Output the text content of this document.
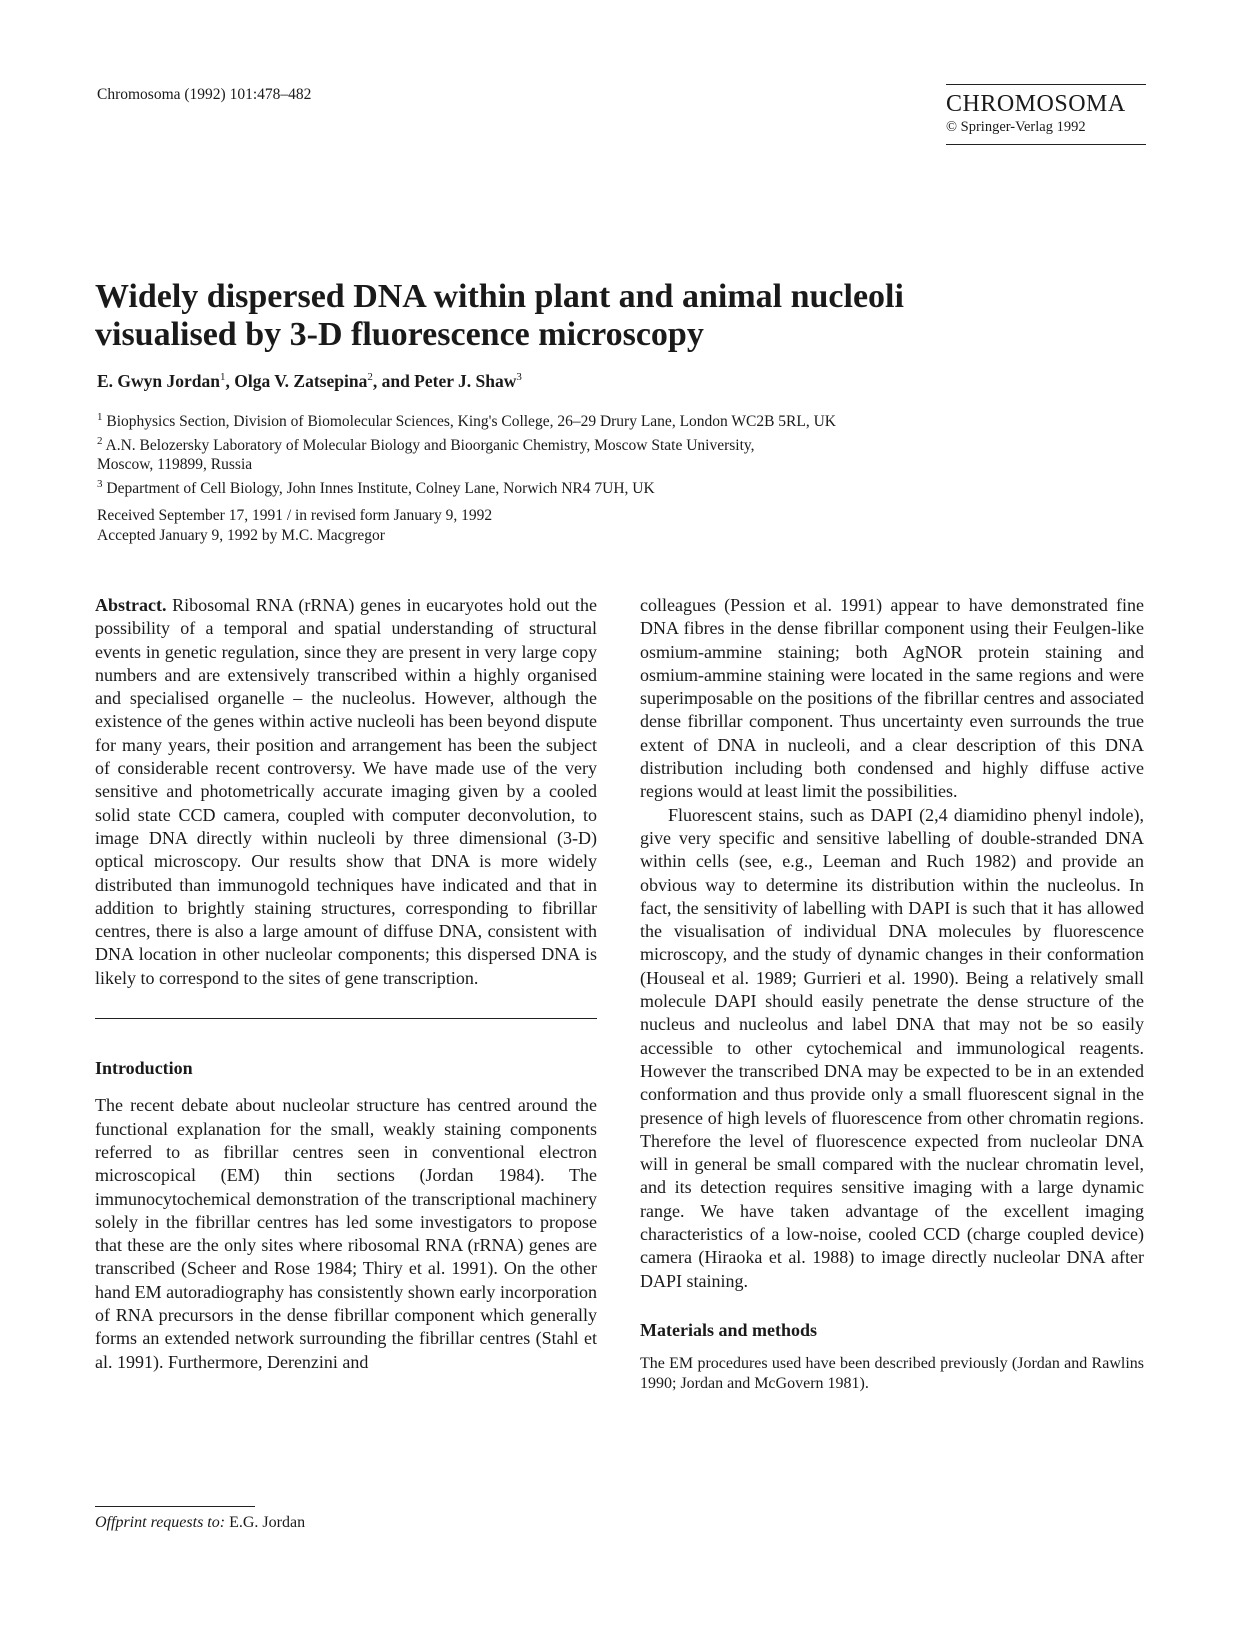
Chromosoma (1992) 101:478–482	CHROMOSOMA
© Springer-Verlag 1992
Widely dispersed DNA within plant and animal nucleoli
visualised by 3-D fluorescence microscopy
E. Gwyn Jordan$^1$, Olga V. Zatsepina$^2$, and Peter J. Shaw$^3$
$^1$ Biophysics Section, Division of Biomolecular Sciences, King's College, 26–29 Drury Lane, London WC2B 5RL, UK
$^2$ A.N. Belozersky Laboratory of Molecular Biology and Bioorganic Chemistry, Moscow State University,
Moscow, 119899, Russia
$^3$ Department of Cell Biology, John Innes Institute, Colney Lane, Norwich NR4 7UH, UK
Received September 17, 1991 / in revised form January 9, 1992
Accepted January 9, 1992 by M.C. Macgregor

Abstract. Ribosomal RNA (rRNA) genes in eucaryotes hold out the possibility of a temporal and spatial understanding of structural events in genetic regulation, since they are present in very large copy numbers and are extensively transcribed within a highly organised and specialised organelle – the nucleolus. However, although the existence of the genes within active nucleoli has been beyond dispute for many years, their position and arrangement has been the subject of considerable recent controversy. We have made use of the very sensitive and photometrically accurate imaging given by a cooled solid state CCD camera, coupled with computer deconvolution, to image DNA directly within nucleoli by three dimensional (3-D) optical microscopy. Our results show that DNA is more widely distributed than immunogold techniques have indicated and that in addition to brightly staining structures, corresponding to fibrillar centres, there is also a large amount of diffuse DNA, consistent with DNA location in other nucleolar components; this dispersed DNA is likely to correspond to the sites of gene transcription.

Introduction

The recent debate about nucleolar structure has centred around the functional explanation for the small, weakly staining components referred to as fibrillar centres seen in conventional electron microscopical (EM) thin sections (Jordan 1984). The immunocytochemical demonstration of the transcriptional machinery solely in the fibrillar centres has led some investigators to propose that these are the only sites where ribosomal RNA (rRNA) genes are transcribed (Scheer and Rose 1984; Thiry et al. 1991). On the other hand EM autoradiography has consistently shown early incorporation of RNA precursors in the dense fibrillar component which generally forms an extended network surrounding the fibrillar centres (Stahl et al. 1991). Furthermore, Derenzini and

colleagues (Pession et al. 1991) appear to have demonstrated fine DNA fibres in the dense fibrillar component using their Feulgen-like osmium-ammine staining; both AgNOR protein staining and osmium-ammine staining were located in the same regions and were superimposable on the positions of the fibrillar centres and associated dense fibrillar component. Thus uncertainty even surrounds the true extent of DNA in nucleoli, and a clear description of this DNA distribution including both condensed and highly diffuse active regions would at least limit the possibilities.

Fluorescent stains, such as DAPI (2,4 diamidino phenyl indole), give very specific and sensitive labelling of double-stranded DNA within cells (see, e.g., Leeman and Ruch 1982) and provide an obvious way to determine its distribution within the nucleolus. In fact, the sensitivity of labelling with DAPI is such that it has allowed the visualisation of individual DNA molecules by fluorescence microscopy, and the study of dynamic changes in their conformation (Houseal et al. 1989; Gurrieri et al. 1990). Being a relatively small molecule DAPI should easily penetrate the dense structure of the nucleus and nucleolus and label DNA that may not be so easily accessible to other cytochemical and immunological reagents. However the transcribed DNA may be expected to be in an extended conformation and thus provide only a small fluorescent signal in the presence of high levels of fluorescence from other chromatin regions. Therefore the level of fluorescence expected from nucleolar DNA will in general be small compared with the nuclear chromatin level, and its detection requires sensitive imaging with a large dynamic range. We have taken advantage of the excellent imaging characteristics of a low-noise, cooled CCD (charge coupled device) camera (Hiraoka et al. 1988) to image directly nucleolar DNA after DAPI staining.

Materials and methods

The EM procedures used have been described previously (Jordan and Rawlins 1990; Jordan and McGovern 1981).

Offprint requests to: E.G. Jordan
